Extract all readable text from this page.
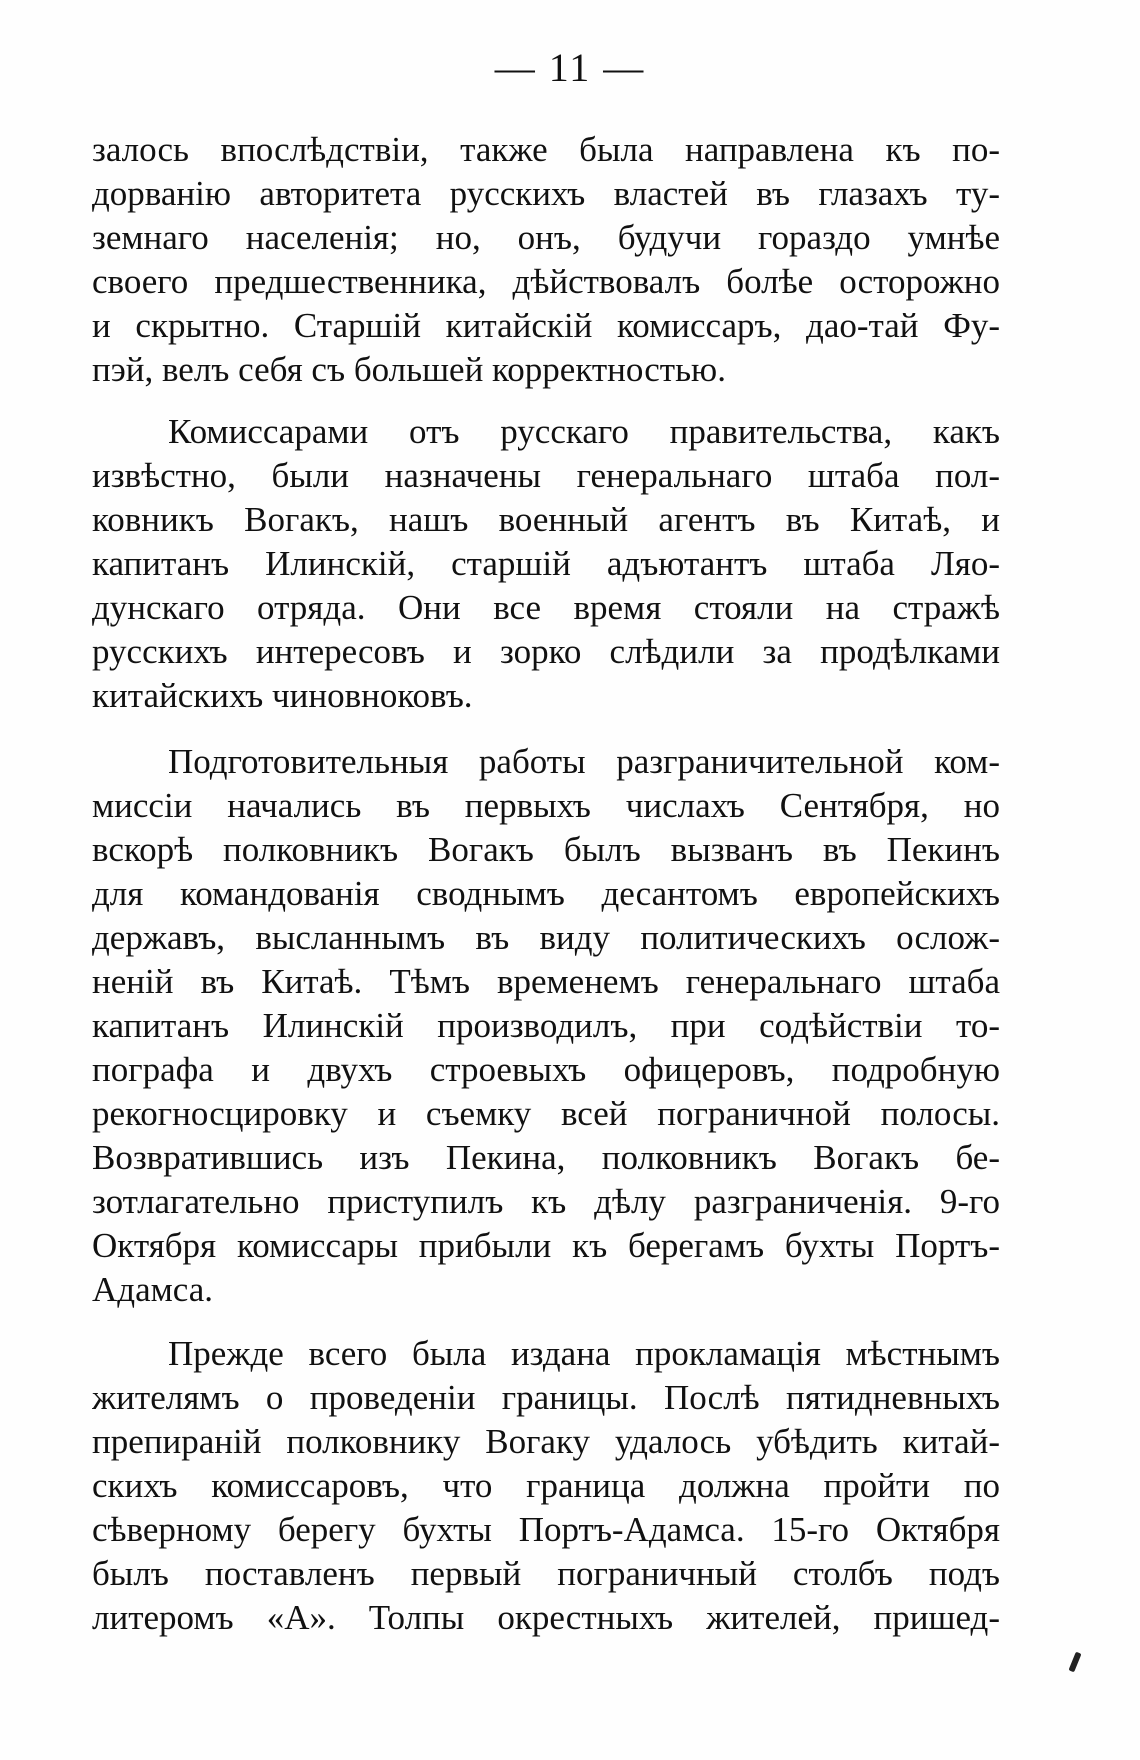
— 11 —
залось впослѣдствіи, также была направлена къ по-
дорванію авторитета русскихъ властей въ глазахъ ту-
земнаго населенія; но, онъ, будучи гораздо умнѣе
своего предшественника, дѣйствовалъ болѣе осторожно
и скрытно. Старшій китайскій комиссаръ, дао-тай Фу-
пэй, велъ себя съ большей корректностью.
Комиссарами отъ русскаго правительства, какъ
извѣстно, были назначены генеральнаго штаба пол-
ковникъ Вогакъ, нашъ военный агентъ въ Китаѣ, и
капитанъ Илинскій, старшій адъютантъ штаба Ляо-
дунскаго отряда. Они все время стояли на стражѣ
русскихъ интересовъ и зорко слѣдили за продѣлками
китайскихъ чиновноковъ.
Подготовительныя работы разграничительной ком-
миссіи начались въ первыхъ числахъ Сентября, но
вскорѣ полковникъ Вогакъ былъ вызванъ въ Пекинъ
для командованія своднымъ десантомъ европейскихъ
державъ, высланнымъ въ виду политическихъ ослож-
неній въ Китаѣ. Тѣмъ временемъ генеральнаго штаба
капитанъ Илинскій производилъ, при содѣйствіи то-
пографа и двухъ строевыхъ офицеровъ, подробную
рекогносцировку и съемку всей пограничной полосы.
Возвратившись изъ Пекина, полковникъ Вогакъ бе-
зотлагательно приступилъ къ дѣлу разграниченія. 9-го
Октября комиссары прибыли къ берегамъ бухты Портъ-
Адамса.
Прежде всего была издана прокламація мѣстнымъ
жителямъ о проведеніи границы. Послѣ пятидневныхъ
препираній полковнику Вогаку удалось убѣдить китай-
скихъ комиссаровъ, что граница должна пройти по
сѣверному берегу бухты Портъ-Адамса. 15-го Октября
былъ поставленъ первый пограничный столбъ подъ
литеромъ «А». Толпы окрестныхъ жителей, пришед-
